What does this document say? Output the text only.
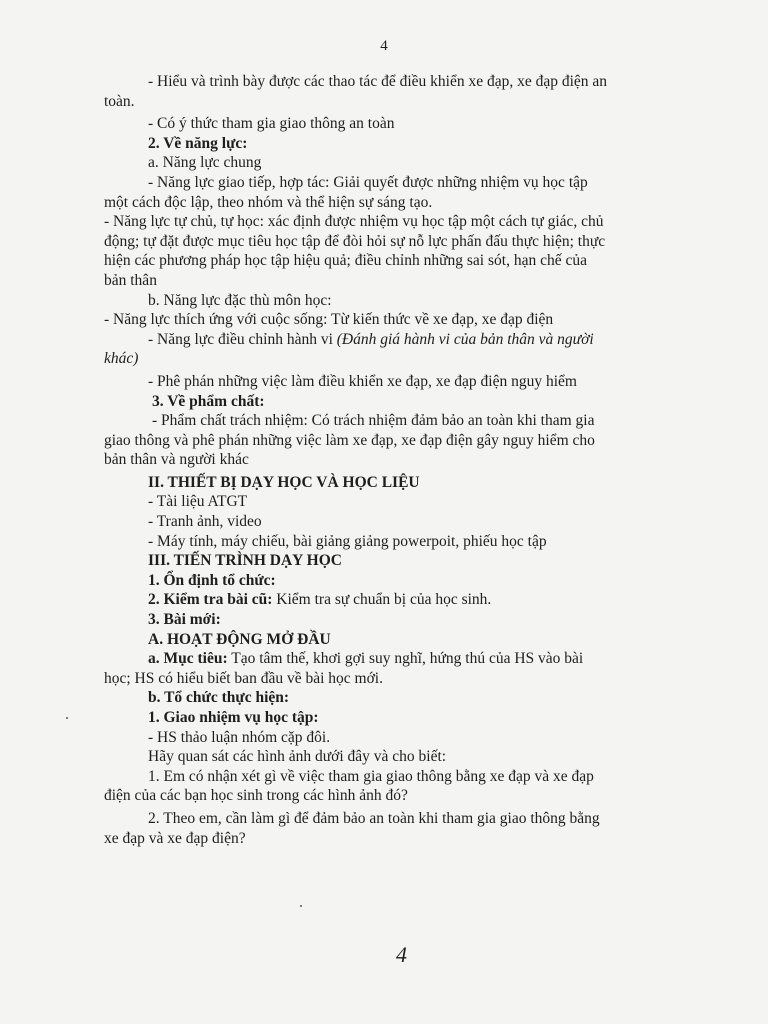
4
- Hiểu và trình bày được các thao tác để điều khiển xe đạp, xe đạp điện an
toàn.
- Có ý thức tham gia giao thông an toàn
2. Về năng lực:
a. Năng lực chung
- Năng lực giao tiếp, hợp tác: Giải quyết được những nhiệm vụ học tập
một cách độc lập, theo nhóm và thể hiện sự sáng tạo.
- Năng lực tự chủ, tự học: xác định được nhiệm vụ học tập một cách tự giác, chủ
động; tự đặt được mục tiêu học tập để đòi hỏi sự nỗ lực phấn đấu thực hiện; thực
hiện các phương pháp học tập hiệu quả; điều chỉnh những sai sót, hạn chế của
bản thân
b. Năng lực đặc thù môn học:
- Năng lực thích ứng với cuộc sống: Từ kiến thức về xe đạp, xe đạp điện
- Năng lực điều chỉnh hành vi (Đánh giá hành vi của bản thân và người
khác)
- Phê phán những việc làm điều khiển xe đạp, xe đạp điện nguy hiểm
3. Về phẩm chất:
- Phẩm chất trách nhiệm: Có trách nhiệm đảm bảo an toàn khi tham gia
giao thông và phê phán những việc làm xe đạp, xe đạp điện gây nguy hiểm cho
bản thân và người khác
II. THIẾT BỊ DẠY HỌC VÀ HỌC LIỆU
- Tài liệu ATGT
- Tranh ảnh, video
- Máy tính, máy chiếu, bài giảng giảng powerpoit, phiếu học tập
III. TIẾN TRÌNH DẠY HỌC
1. Ổn định tổ chức:
2. Kiểm tra bài cũ: Kiểm tra sự chuẩn bị của học sinh.
3. Bài mới:
A. HOẠT ĐỘNG MỞ ĐẦU
a. Mục tiêu: Tạo tâm thế, khơi gợi suy nghĩ, hứng thú của HS vào bài
học; HS có hiểu biết ban đầu về bài học mới.
b. Tổ chức thực hiện:
1. Giao nhiệm vụ học tập:
- HS thảo luận nhóm cặp đôi.
Hãy quan sát các hình ảnh dưới đây và cho biết:
1. Em có nhận xét gì về việc tham gia giao thông bằng xe đạp và xe đạp
điện của các bạn học sinh trong các hình ảnh đó?
2. Theo em, cần làm gì để đảm bảo an toàn khi tham gia giao thông bằng
xe đạp và xe đạp điện?
4
